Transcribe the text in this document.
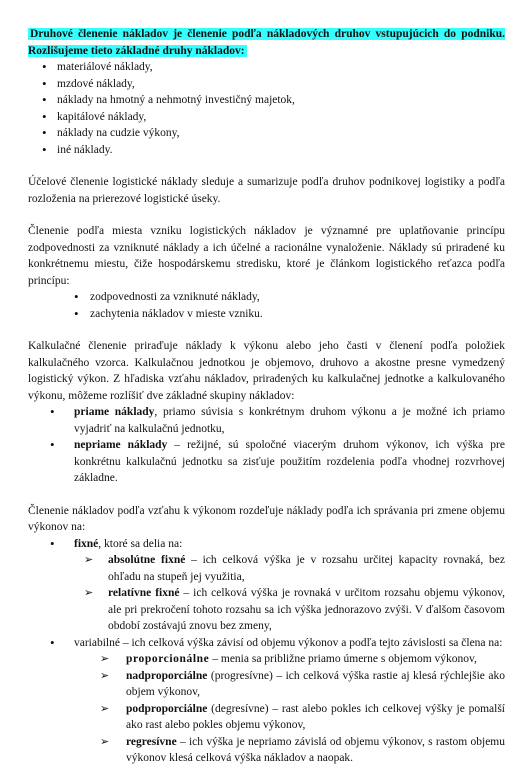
Druhové členenie nákladov je členenie podľa nákladových druhov vstupujúcich do podniku. Rozlišujeme tieto základné druhy nákladov:

• materiálové náklady,
• mzdové náklady,
• náklady na hmotný a nehmotný investičný majetok,
• kapitálové náklady,
• náklady na cudzie výkony,
• iné náklady.

Účelové členenie logistické náklady sleduje a sumarizuje podľa druhov podnikovej logistiky a podľa rozloženia na prierezové logistické úseky.

Členenie podľa miesta vzniku logistických nákladov je významné pre uplatňovanie princípu zodpovednosti za vzniknuté náklady a ich účelné a racionálne vynaloženie. Náklady sú priradené ku konkrétnemu miestu, čiže hospodárskemu stredisku, ktoré je článkom logistického reťazca podľa princípu:

• zodpovednosti za vzniknuté náklady,
• zachytenia nákladov v mieste vzniku.

Kalkulačné členenie priraďuje náklady k výkonu alebo jeho časti v členení podľa položiek kalkulačného vzorca. Kalkulačnou jednotkou je objemovo, druhovo a akostne presne vymedzený logistický výkon. Z hľadiska vzťahu nákladov, priradených ku kalkulačnej jednotke a kalkulovaného výkonu, môžeme rozlíšiť dve základné skupiny nákladov:

• priame náklady, priamo súvisia s konkrétnym druhom výkonu a je možné ich priamo vyjadriť na kalkulačnú jednotku,
• nepriame náklady – režijné, sú spoločné viacerým druhom výkonov, ich výška pre konkrétnu kalkulačnú jednotku sa zisťuje použitím rozdelenia podľa vhodnej rozvrhovej základne.

Členenie nákladov podľa vzťahu k výkonom rozdeľuje náklady podľa ich správania pri zmene objemu výkonov na:

• fixné, ktoré sa delia na:
➢ absolútne fixné – ich celková výška je v rozsahu určitej kapacity rovnaká, bez ohľadu na stupeň jej využitia,
➢ relatívne fixné – ich celková výška je rovnaká v určitom rozsahu objemu výkonov, ale pri prekročení tohoto rozsahu sa ich výška jednorazovo zvýši. V ďalšom časovom období zostávajú znovu bez zmeny,
• variabilné – ich celková výška závisí od objemu výkonov a podľa tejto závislosti sa člena na:
➢ proporcionálne – menia sa približne priamo úmerne s objemom výkonov,
➢ nadproporciálne (progresívne) – ich celková výška rastie aj klesá rýchlejšie ako objem výkonov,
➢ podproporciálne (degresívne) – rast alebo pokles ich celkovej výšky je pomalší ako rast alebo pokles objemu výkonov,
➢ regresívne – ich výška je nepriamo závislá od objemu výkonov, s rastom objemu výkonov klesá celková výška nákladov a naopak.
